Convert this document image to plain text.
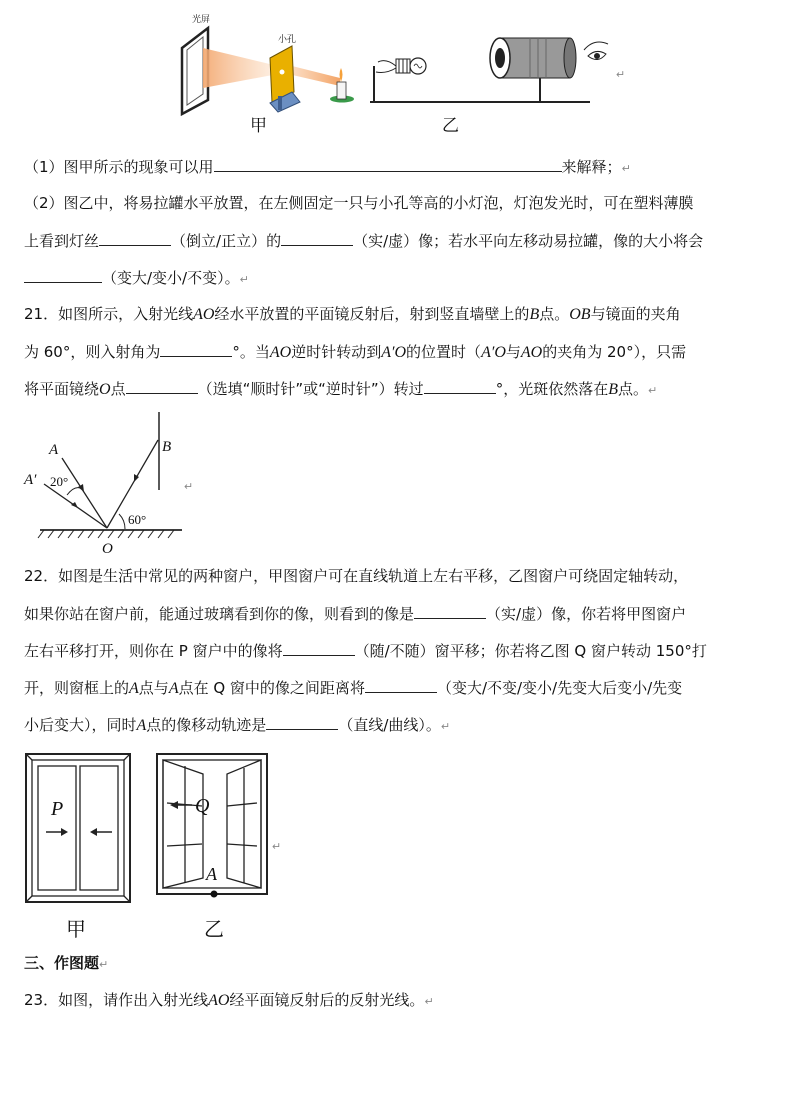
光屏
小孔
甲	乙
↵
（1）图甲所示的现象可以用	来解释；↵
（2）图乙中，将易拉罐水平放置，在左侧固定一只与小孔等高的小灯泡，灯泡发光时，可在塑料薄膜
上看到灯丝	（倒立/正立）的	（实/虚）像；若水平向左移动易拉罐，像的大小将会
（变大/变小/不变）。↵
21．如图所示，入射光线AO经水平放置的平面镜反射后，射到竖直墙壁上的B点。OB与镜面的夹角
为 60°，则入射角为	°。当AO逆时针转动到A′O的位置时（A′O与AO的夹角为 20°），只需
将平面镜绕O点	（选填“顺时针”或“逆时针”）转过	°，光斑依然落在B点。↵
A
A′
B
O
20°
60°
↵
22．如图是生活中常见的两种窗户，甲图窗户可在直线轨道上左右平移，乙图窗户可绕固定轴转动，
如果你站在窗户前，能通过玻璃看到你的像，则看到的像是	（实/虚）像，你若将甲图窗户
左右平移打开，则你在 P 窗户中的像将	（随/不随）窗平移；你若将乙图 Q 窗户转动 150°打
开，则窗框上的A点与A点在 Q 窗中的像之间距离将	（变大/不变/变小/先变大后变小/先变
小后变大），同时A点的像移动轨迹是	（直线/曲线）。↵
P
甲
Q
A
乙
↵
三、作图题↵
23．如图，请作出入射光线AO经平面镜反射后的反射光线。↵
